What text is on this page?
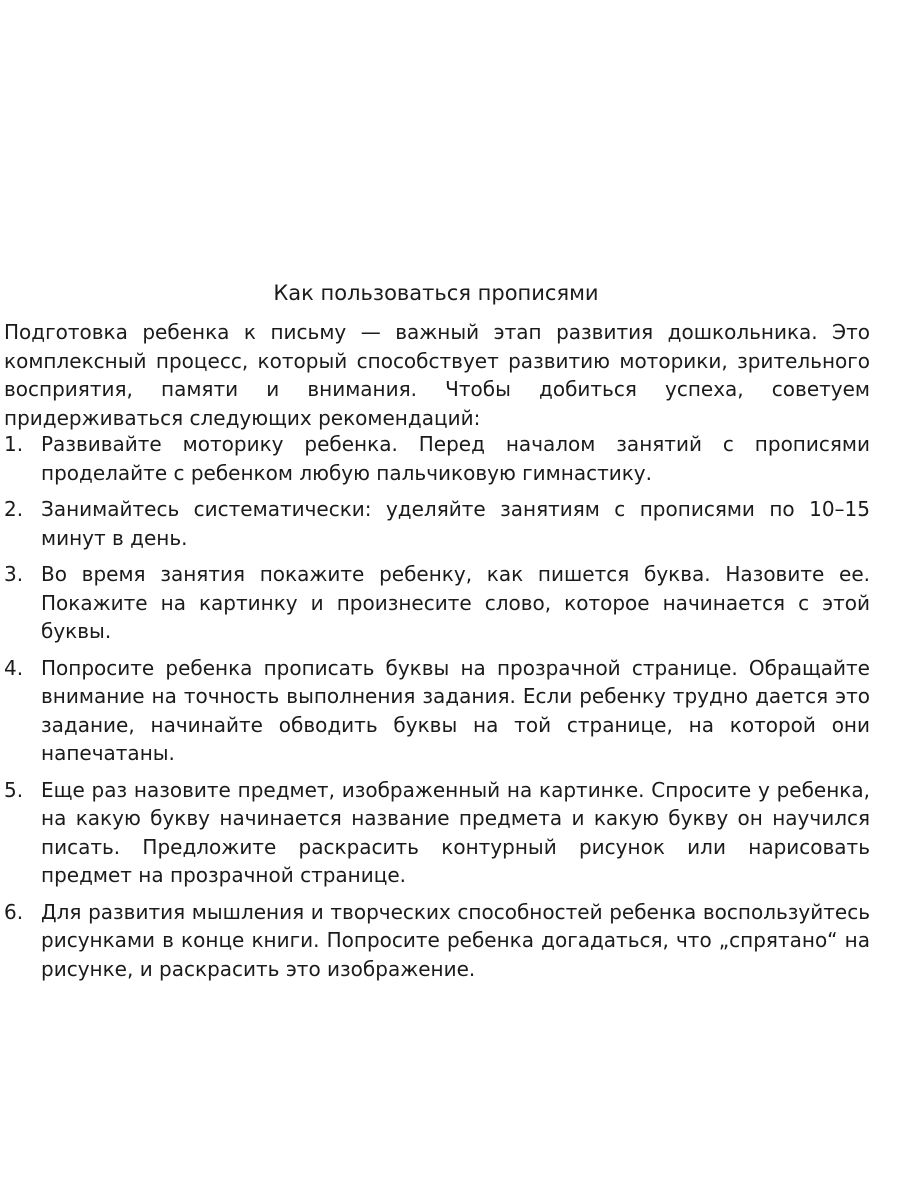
Как пользоваться прописями

Подготовка ребенка к письму — важный этап развития дошкольника. Это комплексный процесс, который способствует развитию моторики, зрительного восприятия, памяти и внимания. Чтобы добиться успеха, советуем придерживаться следующих рекомендаций:

1. Развивайте моторику ребенка. Перед началом занятий с прописями проделайте с ребенком любую пальчиковую гимнастику.
2. Занимайтесь систематически: уделяйте занятиям с прописями по 10–15 минут в день.
3. Во время занятия покажите ребенку, как пишется буква. Назовите ее. Покажите на картинку и произнесите слово, которое начинается с этой буквы.
4. Попросите ребенка прописать буквы на прозрачной странице. Обращайте внимание на точность выполнения задания. Если ребенку трудно дается это задание, начинайте обводить буквы на той странице, на которой они напечатаны.
5. Еще раз назовите предмет, изображенный на картинке. Спросите у ребенка, на какую букву начинается название предмета и какую букву он научился писать. Предложите раскрасить контурный рисунок или нарисовать предмет на прозрачной странице.
6. Для развития мышления и творческих способностей ребенка воспользуйтесь рисунками в конце книги. Попросите ребенка догадаться, что „спрятано“ на рисунке, и раскрасить это изображение.
